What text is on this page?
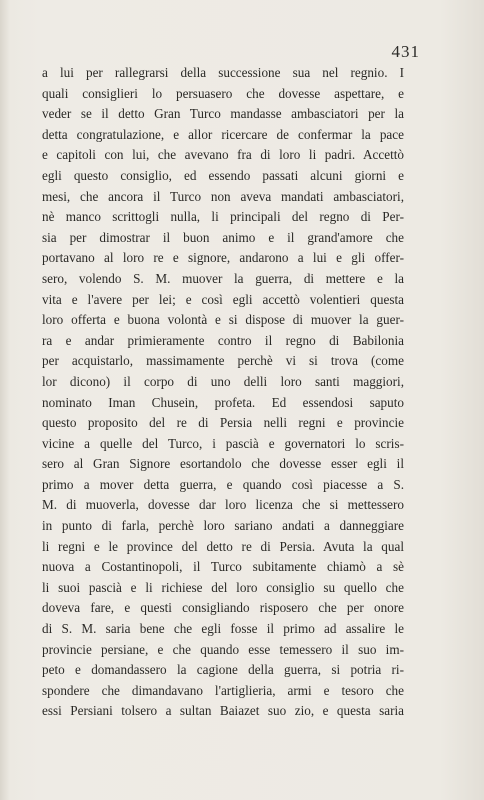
431
a lui per rallegrarsi della successione sua nel regnio. I
quali consiglieri lo persuasero che dovesse aspettare, e
veder se il detto Gran Turco mandasse ambasciatori per la
detta congratulazione, e allor ricercare de confermar la pace
e capitoli con lui, che avevano fra di loro li padri. Accettò
egli questo consiglio, ed essendo passati alcuni giorni e
mesi, che ancora il Turco non aveva mandati ambasciatori,
nè manco scrittogli nulla, li principali del regno di Per-
sia per dimostrar il buon animo e il grand'amore che
portavano al loro re e signore, andarono a lui e gli offer-
sero, volendo S. M. muover la guerra, di mettere e la
vita e l'avere per lei; e così egli accettò volentieri questa
loro offerta e buona volontà e si dispose di muover la guer-
ra e andar primieramente contro il regno di Babilonia
per acquistarlo, massimamente perchè vi si trova (come
lor dicono) il corpo di uno delli loro santi maggiori,
nominato Iman Chusein, profeta. Ed essendosi saputo
questo proposito del re di Persia nelli regni e provincie
vicine a quelle del Turco, i pascià e governatori lo scris-
sero al Gran Signore esortandolo che dovesse esser egli il
primo a mover detta guerra, e quando così piacesse a S.
M. di muoverla, dovesse dar loro licenza che si mettessero
in punto di farla, perchè loro sariano andati a danneggiare
li regni e le province del detto re di Persia. Avuta la qual
nuova a Costantinopoli, il Turco subitamente chiamò a sè
li suoi pascià e li richiese del loro consiglio su quello che
doveva fare, e questi consigliando risposero che per onore
di S. M. saria bene che egli fosse il primo ad assalire le
provincie persiane, e che quando esse temessero il suo im-
peto e domandassero la cagione della guerra, si potria ri-
spondere che dimandavano l'artiglieria, armi e tesoro che
essi Persiani tolsero a sultan Baiazet suo zio, e questa saria
